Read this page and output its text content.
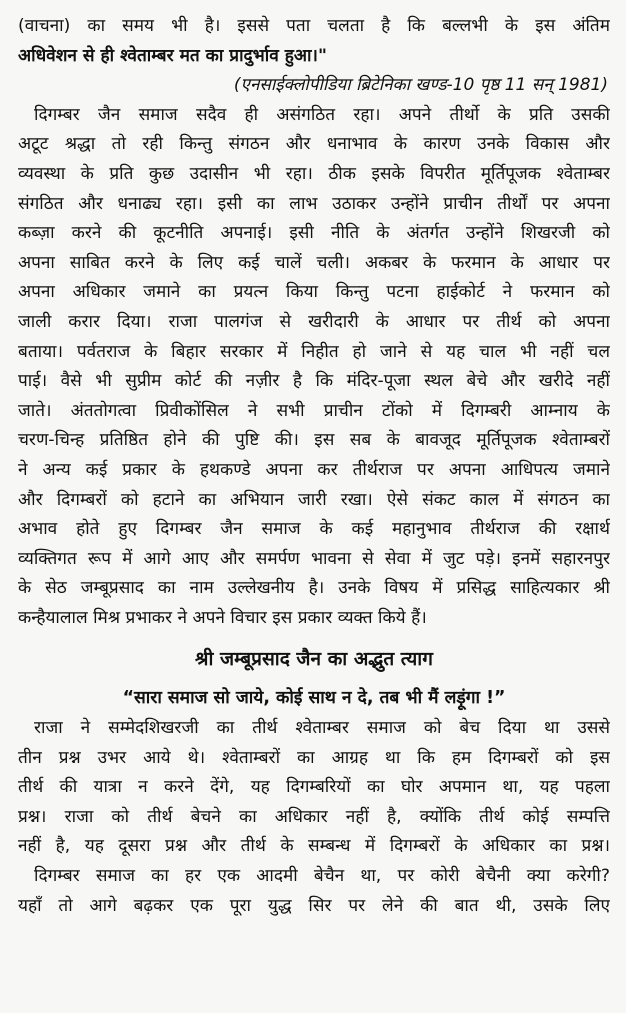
(वाचना) का समय भी है। इससे पता चलता है कि बल्लभी के इस अंतिम
अधिवेशन से ही श्वेताम्बर मत का प्रादुर्भाव हुआ।"
(एनसाईक्लोपीडिया ब्रिटेनिका खण्ड-10 पृष्ठ 11 सन् 1981)
दिगम्बर जैन समाज सदैव ही असंगठित रहा। अपने तीर्थो के प्रति उसकी
अटूट श्रद्धा तो रही किन्तु संगठन और धनाभाव के कारण उनके विकास और
व्यवस्था के प्रति कुछ उदासीन भी रहा। ठीक इसके विपरीत मूर्तिपूजक श्वेताम्बर
संगठित और धनाढ्य रहा। इसी का लाभ उठाकर उन्होंने प्राचीन तीर्थों पर अपना
कब्ज़ा करने की कूटनीति अपनाई। इसी नीति के अंतर्गत उन्होंने शिखरजी को
अपना साबित करने के लिए कई चालें चली। अकबर के फरमान के आधार पर
अपना अधिकार जमाने का प्रयत्न किया किन्तु पटना हाईकोर्ट ने फरमान को
जाली करार दिया। राजा पालगंज से खरीदारी के आधार पर तीर्थ को अपना
बताया। पर्वतराज के बिहार सरकार में निहीत हो जाने से यह चाल भी नहीं चल
पाई। वैसे भी सुप्रीम कोर्ट की नज़ीर है कि मंदिर-पूजा स्थल बेचे और खरीदे नहीं
जाते। अंततोगत्वा प्रिवीकोंसिल ने सभी प्राचीन टोंको में दिगम्बरी आम्नाय के
चरण-चिन्ह प्रतिष्ठित होने की पुष्टि की। इस सब के बावजूद मूर्तिपूजक श्वेताम्बरों
ने अन्य कई प्रकार के हथकण्डे अपना कर तीर्थराज पर अपना आधिपत्य जमाने
और दिगम्बरों को हटाने का अभियान जारी रखा। ऐसे संकट काल में संगठन का
अभाव होते हुए दिगम्बर जैन समाज के कई महानुभाव तीर्थराज की रक्षार्थ
व्यक्तिगत रूप में आगे आए और समर्पण भावना से सेवा में जुट पड़े। इनमें सहारनपुर
के सेठ जम्बूप्रसाद का नाम उल्लेखनीय है। उनके विषय में प्रसिद्ध साहित्यकार श्री
कन्हैयालाल मिश्र प्रभाकर ने अपने विचार इस प्रकार व्यक्त किये हैं।
श्री जम्बूप्रसाद जैन का अद्भुत त्याग
“सारा समाज सो जाये, कोई साथ न दे, तब भी मैं लड़ूंगा !”
राजा ने सम्मेदशिखरजी का तीर्थ श्वेताम्बर समाज को बेच दिया था उससे
तीन प्रश्न उभर आये थे। श्वेताम्बरों का आग्रह था कि हम दिगम्बरों को इस
तीर्थ की यात्रा न करने देंगे, यह दिगम्बरियों का घोर अपमान था, यह पहला
प्रश्न। राजा को तीर्थ बेचने का अधिकार नहीं है, क्योंकि तीर्थ कोई सम्पत्ति
नहीं है, यह दूसरा प्रश्न और तीर्थ के सम्बन्ध में दिगम्बरों के अधिकार का प्रश्न।
दिगम्बर समाज का हर एक आदमी बेचैन था, पर कोरी बेचैनी क्या करेगी?
यहाँ तो आगे बढ़कर एक पूरा युद्ध सिर पर लेने की बात थी, उसके लिए
